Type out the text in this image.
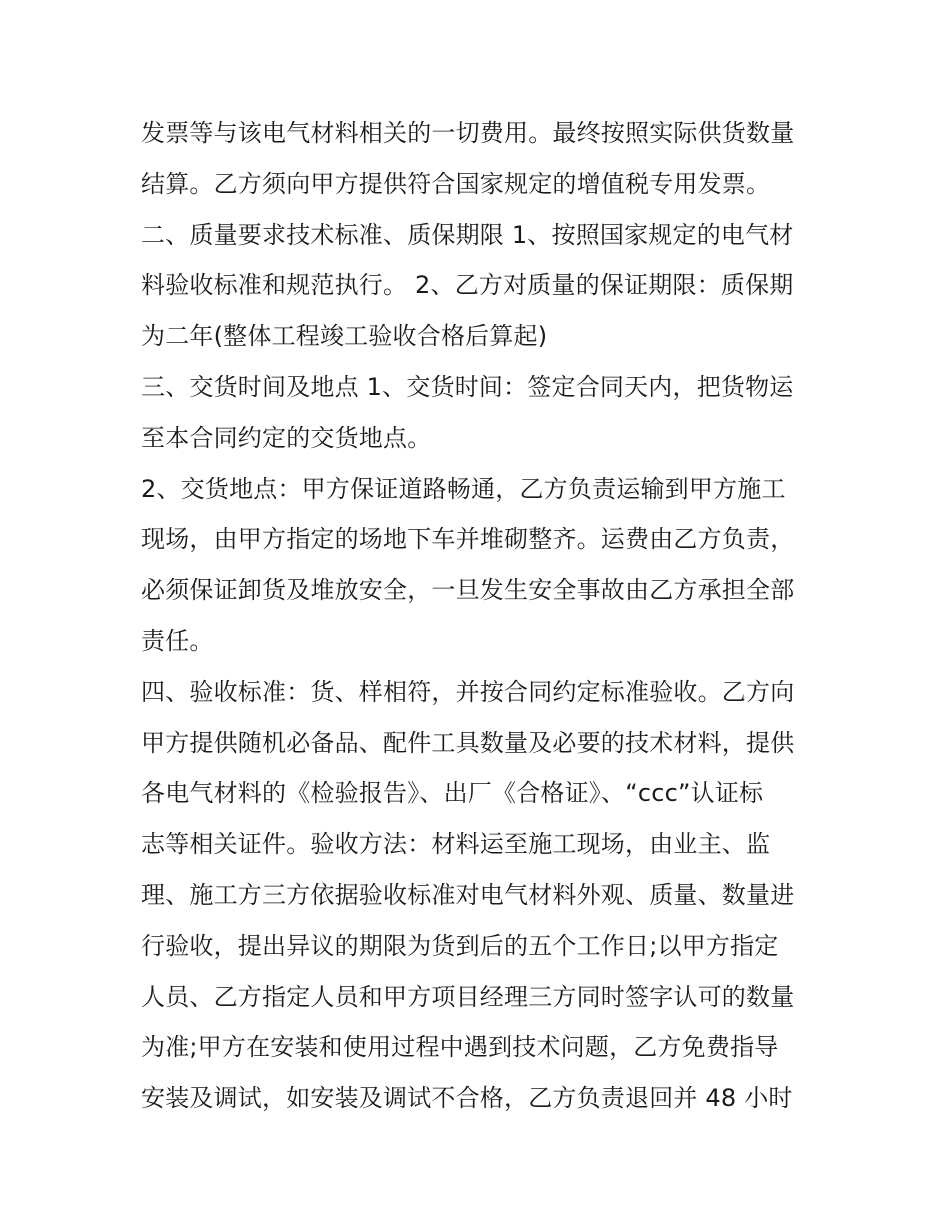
发票等与该电气材料相关的一切费用。最终按照实际供货数量
结算。乙方须向甲方提供符合国家规定的增值税专用发票。
二、质量要求技术标准、质保期限 1、按照国家规定的电气材
料验收标准和规范执行。 2、乙方对质量的保证期限：质保期
为二年(整体工程竣工验收合格后算起)
三、交货时间及地点 1、交货时间：签定合同天内，把货物运
至本合同约定的交货地点。
2、交货地点：甲方保证道路畅通，乙方负责运输到甲方施工
现场，由甲方指定的场地下车并堆砌整齐。运费由乙方负责，
必须保证卸货及堆放安全，一旦发生安全事故由乙方承担全部
责任。
四、验收标准：货、样相符，并按合同约定标准验收。乙方向
甲方提供随机必备品、配件工具数量及必要的技术材料，提供
各电气材料的《检验报告》、出厂《合格证》、“ccc”认证标
志等相关证件。验收方法：材料运至施工现场，由业主、监
理、施工方三方依据验收标准对电气材料外观、质量、数量进
行验收，提出异议的期限为货到后的五个工作日;以甲方指定
人员、乙方指定人员和甲方项目经理三方同时签字认可的数量
为准;甲方在安装和使用过程中遇到技术问题，乙方免费指导
安装及调试，如安装及调试不合格，乙方负责退回并 48 小时
